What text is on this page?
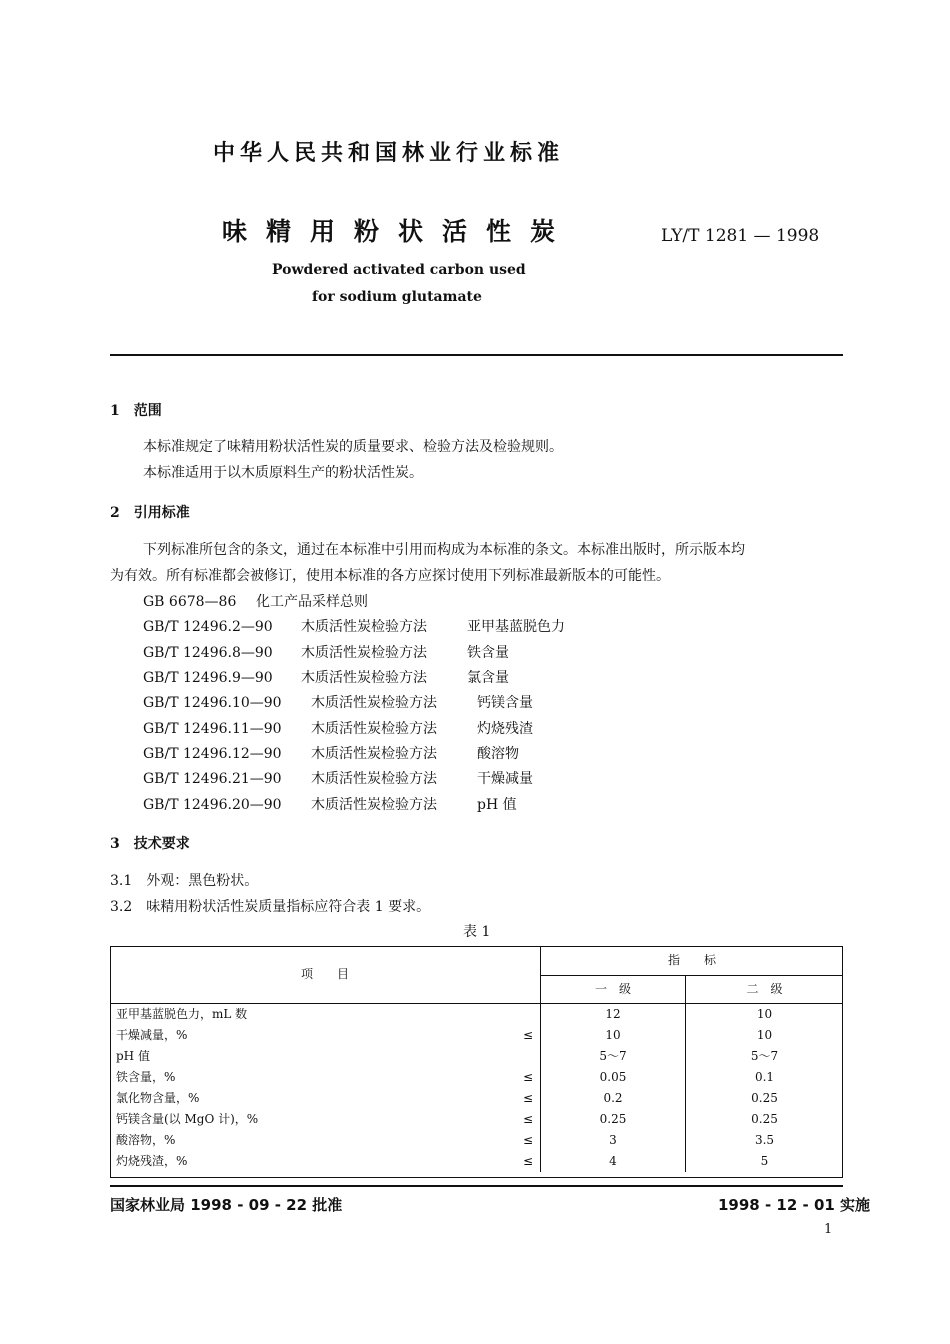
中华人民共和国林业行业标准
味精用粉状活性炭	LY/T 1281 — 1998
Powdered activated carbon used
for sodium glutamate
1　范围
本标准规定了味精用粉状活性炭的质量要求、检验方法及检验规则。
本标准适用于以木质原料生产的粉状活性炭。
2　引用标准
下列标准所包含的条文，通过在本标准中引用而构成为本标准的条文。本标准出版时，所示版本均
为有效。所有标准都会被修订，使用本标准的各方应探讨使用下列标准最新版本的可能性。
GB 6678—86 化工产品采样总则
GB/T 12496.2—90 木质活性炭检验方法	亚甲基蓝脱色力
GB/T 12496.8—90 木质活性炭检验方法	铁含量
GB/T 12496.9—90 木质活性炭检验方法	氯含量
GB/T 12496.10—90 木质活性炭检验方法	钙镁含量
GB/T 12496.11—90 木质活性炭检验方法	灼烧残渣
GB/T 12496.12—90 木质活性炭检验方法	酸溶物
GB/T 12496.21—90 木质活性炭检验方法	干燥减量
GB/T 12496.20—90 木质活性炭检验方法	pH 值
3　技术要求
3.1　外观：黑色粉状。
3.2　味精用粉状活性炭质量指标应符合表 1 要求。
表 1
项　　目		指　　标	
		一　级	二　级
亚甲基蓝脱色力，mL 数		12	10
干燥减量，%	≤	10	10
pH 值		5～7	5～7
铁含量，%	≤	0.05	0.1
氯化物含量，%	≤	0.2	0.25
钙镁含量(以 MgO 计)，%	≤	0.25	0.25
酸溶物，%	≤	3	3.5
灼烧残渣，%	≤	4	5
国家林业局 1998 - 09 - 22 批准	1998 - 12 - 01 实施
1
